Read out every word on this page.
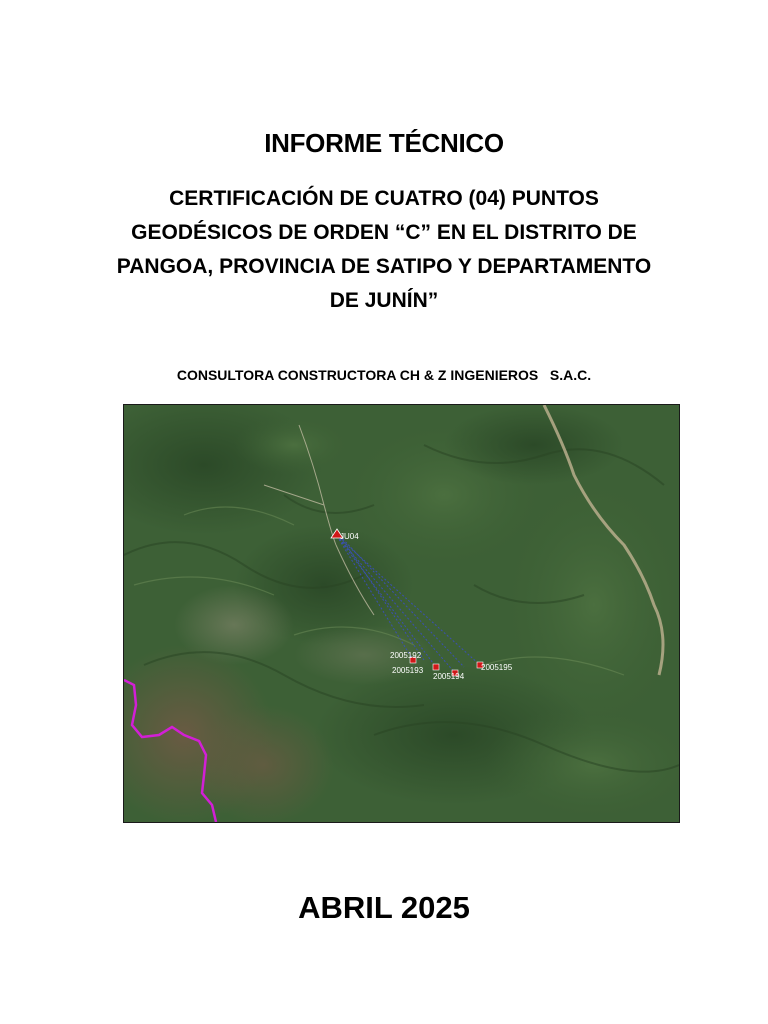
INFORME TÉCNICO
CERTIFICACIÓN DE CUATRO (04) PUNTOS
GEODÉSICOS DE ORDEN “C” EN EL DISTRITO DE
PANGOA, PROVINCIA DE SATIPO Y DEPARTAMENTO
DE JUNÍN”
CONSULTORA CONSTRUCTORA CH & Z INGENIEROS   S.A.C.
JU04
2005192
2005193
2005194
2005195
ABRIL 2025
